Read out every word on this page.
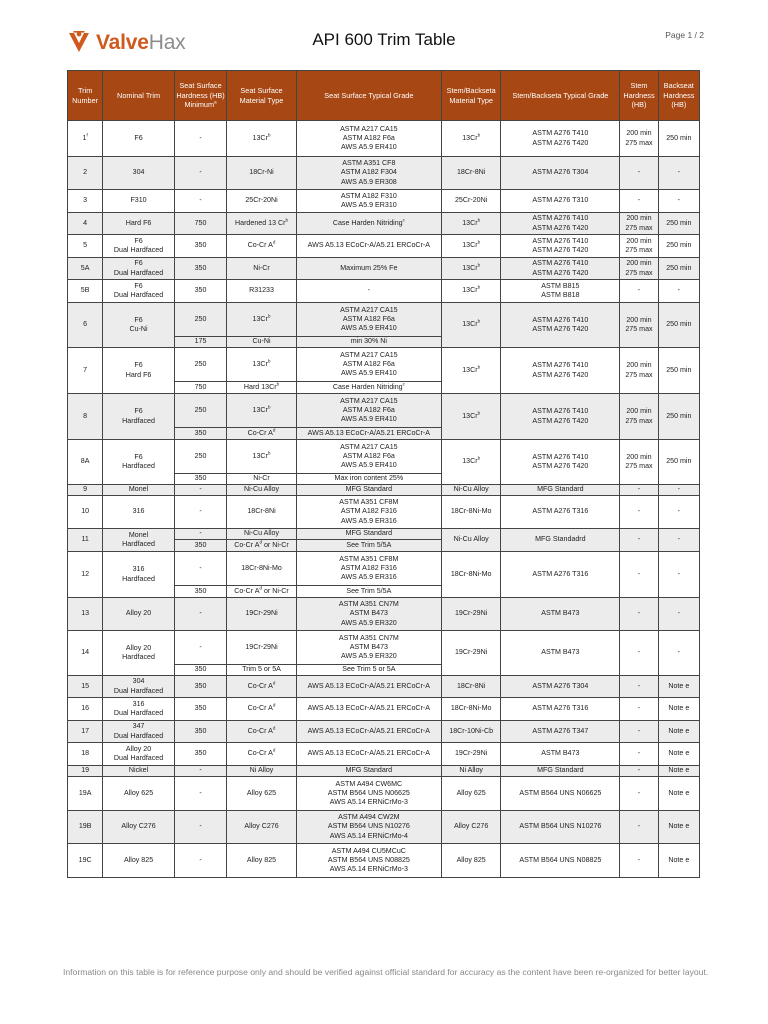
ValveHax	API 600 Trim Table	Page 1 / 2
Trim Number	Nominal Trim	Seat Surface Hardness (HB) Minimum$^a$	Seat Surface Material Type	Seat Surface Typical Grade	Stem/Backseta Material Type	Stem/Backseta Typical Grade	Stem Hardness (HB)	Backseat Hardness (HB)
1$^f$	F6	-	13Cr$^b$	ASTM A217 CA15
ASTM A182 F6a
AWS A5.9 ER410	13Cr$^b$	ASTM A276 T410
ASTM A276 T420	200 min
275 max	250 min
2	304	-	18Cr-Ni	ASTM A351 CF8
ASTM A182 F304
AWS A5.9 ER308	18Cr-8Ni	ASTM A276 T304	-	-
3	F310	-	25Cr-20Ni	ASTM A182 F310
AWS A5.9 ER310	25Cr-20Ni	ASTM A276 T310	-	-
4	Hard F6	750	Hardened 13 Cr$^b$	Case Harden Nitriding$^c$	13Cr$^b$	ASTM A276 T410
ASTM A276 T420	200 min
275 max	250 min
5	F6
Dual Hardfaced	350	Co-Cr $A^d$	AWS A5.13 ECoCr-A/A5.21 ERCoCr-A	13Cr$^b$	ASTM A276 T410
ASTM A276 T420	200 min
275 max	250 min
5A	F6
Dual Hardfaced	350	Ni-Cr	Maximum 25% Fe	13Cr$^b$	ASTM A276 T410
ASTM A276 T420	200 min
275 max	250 min
5B	F6
Dual Hardfaced	350	R31233	-	13Cr$^b$	ASTM B815
ASTM B818	-	-
6	F6
Cu-Ni	250	13Cr$^b$	ASTM A217 CA15
ASTM A182 F6a
AWS A5.9 ER410	13Cr$^b$	ASTM A276 T410
ASTM A276 T420	200 min
275 max	250 min
		175	Cu-Ni	min 30% Ni				
7	F6
Hard F6	250	13Cr$^b$	ASTM A217 CA15
ASTM A182 F6a
AWS A5.9 ER410	13Cr$^b$	ASTM A276 T410
ASTM A276 T420	200 min
275 max	250 min
		750	Hard 13Cr$^b$	Case Harden Nitriding$^c$
8	F6
Hardfaced	250	13Cr$^b$	ASTM A217 CA15
ASTM A182 F6a
AWS A5.9 ER410	13Cr$^b$	ASTM A276 T410
ASTM A276 T420	200 min
275 max	250 min
		350	Co-Cr $A^d$	AWS A5.13 ECoCr-A/A5.21 ERCoCr-A				
8A	F6
Hardfaced	250	13Cr$^b$	ASTM A217 CA15
ASTM A182 F6a
AWS A5.9 ER410	13Cr$^b$	ASTM A276 T410
ASTM A276 T420	200 min
275 max	250 min
		350	Ni-Cr	Max iron content 25%				
9	Monel	-	Ni-Cu Alloy	MFG Standard	Ni-Cu Alloy	MFG Standard	-	-
10	316	-	18Cr-8Ni	ASTM A351 CF8M
ASTM A182 F316
AWS A5.9 ER316	18Cr-8Ni-Mo	ASTM A276 T316	-	-
11	Monel
Hardfaced	-	Ni-Cu Alloy	MFG Standard	Ni-Cu Alloy	MFG Standadrd	-	-
		350	Co-Cr $A^d$ or Ni-Cr	See Trim 5/5A				
12	316
Hardfaced	-	18Cr-8Ni-Mo	ASTM A351 CF8M
ASTM A182 F316
AWS A5.9 ER316	18Cr-8Ni-Mo	ASTM A276 T316	-	-
		350	Co-Cr $A^d$ or Ni-Cr	See Trim 5/5A				
13	Alloy 20	-	19Cr-29Ni	ASTM A351 CN7M
ASTM B473
AWS A5.9 ER320	19Cr-29Ni	ASTM B473	-	-
14	Alloy 20
Hardfaced	-	19Cr-29Ni	ASTM A351 CN7M
ASTM B473
AWS A5.9 ER320	19Cr-29Ni	ASTM B473	-	-
		350	Trim 5 or 5A	See Trim 5 or 5A				
15	304
Dual Hardfaced	350	Co-Cr $A^d$	AWS A5.13 ECoCr-A/A5.21 ERCoCr-A	18Cr-8Ni	ASTM A276 T304	-	Note e
16	316
Dual Hardfaced	350	Co-Cr $A^d$	AWS A5.13 ECoCr-A/A5.21 ERCoCr-A	18Cr-8Ni-Mo	ASTM A276 T316	-	Note e
17	347
Dual Hardfaced	350	Co-Cr $A^d$	AWS A5.13 ECoCr-A/A5.21 ERCoCr-A	18Cr-10Ni-Cb	ASTM A276 T347	-	Note e
18	Alloy 20
Dual Hardfaced	350	Co-Cr $A^d$	AWS A5.13 ECoCr-A/A5.21 ERCoCr-A	19Cr-29Ni	ASTM B473	-	Note e
19	Nickel	-	Ni Alloy	MFG Standard	Ni Alloy	MFG Standard	-	Note e
19A	Alloy 625	-	Alloy 625	ASTM A494 CW6MC
ASTM B564 UNS N06625
AWS A5.14 ERNiCrMo-3	Alloy 625	ASTM B564 UNS N06625	-	Note e
19B	Alloy C276	-	Alloy C276	ASTM A494 CW2M
ASTM B564 UNS N10276
AWS A5.14 ERNiCrMo-4	Alloy C276	ASTM B564 UNS N10276	-	Note e
19C	Alloy 825	-	Alloy 825	ASTM A494 CU5MCuC
ASTM B564 UNS N08825
AWS A5.14 ERNiCrMo-3	Alloy 825	ASTM B564 UNS N08825	-	Note e
Information on this table is for reference purpose only and should be verified against official standard for accuracy as the content have been re-organized for better layout.
